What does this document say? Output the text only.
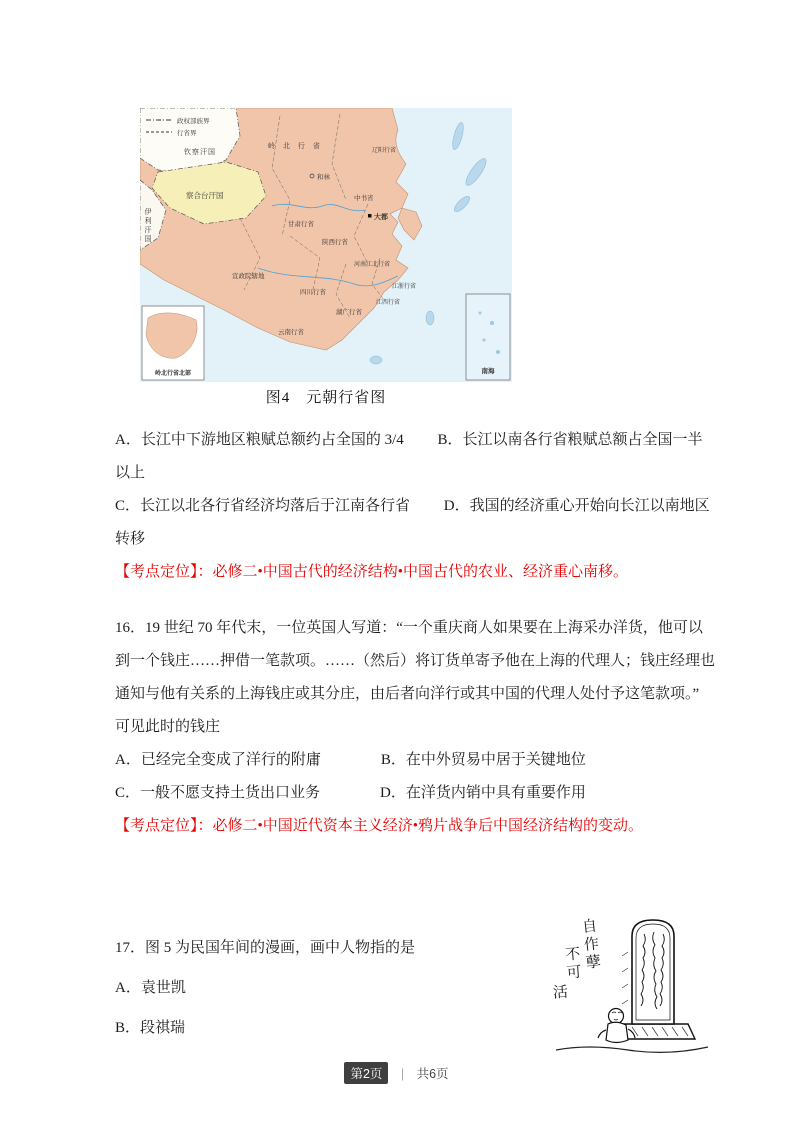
政权部族界
行省界
钦察汗国
岭 北 行 省
和林
辽阳行省
察合台汗国
大都
中书省
甘肃行省
陕西行省
河南江北行省
宣政院辖地
四川行省
云南行省
湖广行省
江西行省
江浙行省
岭北行省北部	南海
伊利汗国
图4　元朝行省图
A．长江中下游地区粮赋总额约占全国的 3/4　　 B．长江以南各行省粮赋总额占全国一半
以上
C．长江以北各行省经济均落后于江南各行省　　 D．我国的经济重心开始向长江以南地区
转移
【考点定位】：必修二•中国古代的经济结构•中国古代的农业、经济重心南移。
16．19 世纪 70 年代末，一位英国人写道：“一个重庆商人如果要在上海采办洋货，他可以
到一个钱庄……押借一笔款项。……（然后）将订货单寄予他在上海的代理人；钱庄经理也
通知与他有关系的上海钱庄或其分庄，由后者向洋行或其中国的代理人处付予这笔款项。”
可见此时的钱庄
A．已经完全变成了洋行的附庸　　　　B．在中外贸易中居于关键地位
C．一般不愿支持土货出口业务　　　　D．在洋货内销中具有重要作用
【考点定位】：必修二•中国近代资本主义经济•鸦片战争后中国经济结构的变动。
17．图 5 为民国年间的漫画，画中人物指的是
A．袁世凯
B．段祺瑞
自作孽
不可
活
第2页 | 共6页
